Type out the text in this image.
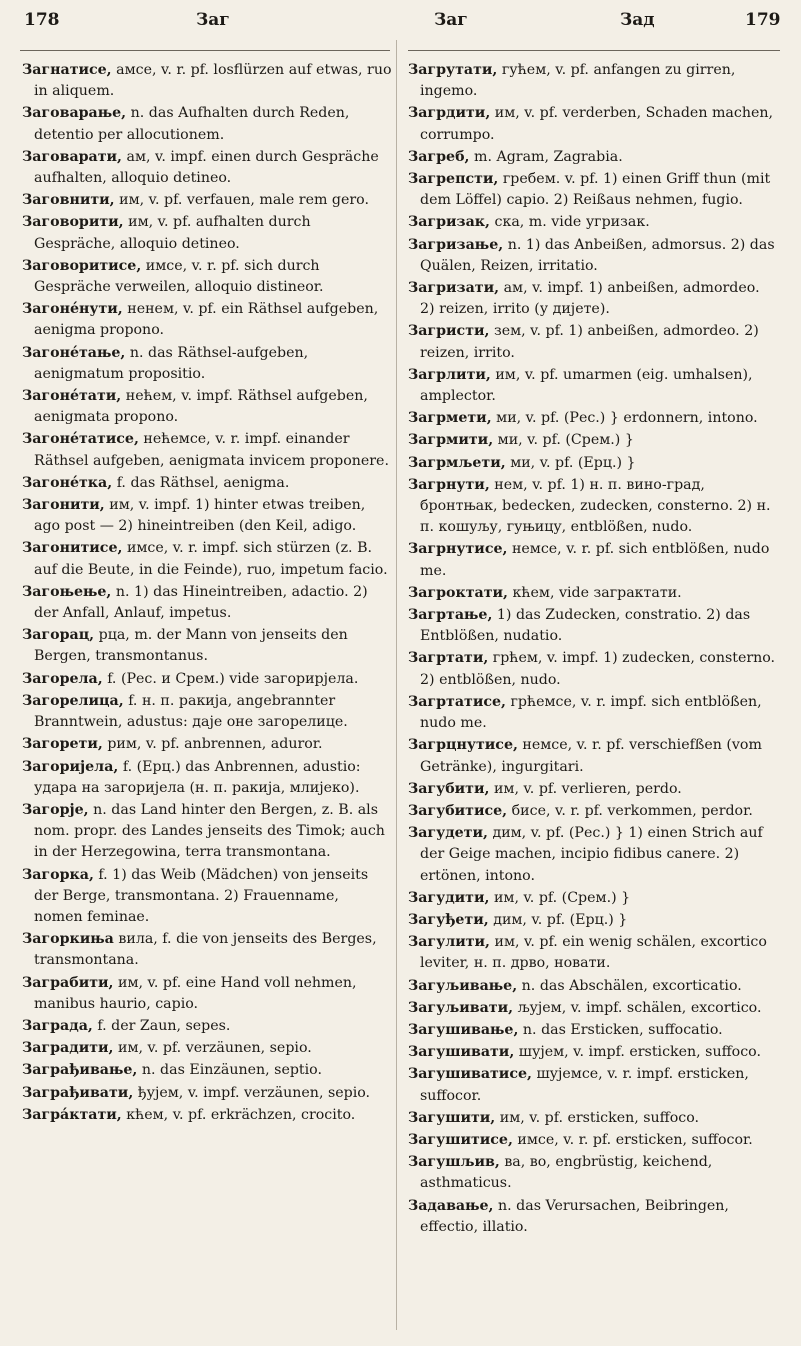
178	Заг	Заг	Зад	179

Загнатисе, амсе, v. r. pf. losflürzen auf etwas, ruo in aliquem.

Заговарање, n. das Aufhalten durch Reden, detentio per allocutionem.

Заговарати, ам, v. impf. einen durch Gespräche aufhalten, alloquio detineo.

Заговнити, им, v. pf. verfauen, male rem gero.

Заговорити, им, v. pf. aufhalten durch Gespräche, alloquio detineo.

Заговоритисе, имсе, v. r. pf. sich durch Gespräche verweilen, alloquio distineor.

Загонéнути, ненем, v. pf. ein Räthsel aufgeben, aenigma propono.

Загонéтање, n. das Räthsel-aufgeben, aenigmatum propositio.

Загонéтати, нећем, v. impf. Räthsel aufgeben, aenigmata propono.

Загонéтатисе, нећемсе, v. r. impf. einander Räthsel aufgeben, aenigmata invicem proponere.

Загонéтка, f. das Räthsel, aenigma.

Загонити, им, v. impf. 1) hinter etwas treiben, ago post — 2) hineintreiben (den Keil, adigo.

Загонитисе, имсе, v. r. impf. sich stürzen (z. B. auf die Beute, in die Feinde), ruo, impetum facio.

Загоњење, n. 1) das Hineintreiben, adactio. 2) der Anfall, Anlauf, impetus.

Загорац, рца, m. der Mann von jenseits den Bergen, transmontanus.

Загорела, f. (Рес. и Срем.) vide загорирјела.

Загорелица, f. н. п. ракија, angebrannter Branntwein, adustus: даје оне загорелице.

Загорети, рим, v. pf. anbrennen, aduror.

Загоријела, f. (Ерц.) das Anbrennen, adustio: удара на загоријела (н. п. ракија, млијеко).

Загорје, n. das Land hinter den Bergen, z. B. als nom. propr. des Landes jenseits des Timok; auch in der Herzegowina, terra transmontana.

Загорка, f. 1) das Weib (Mädchen) von jenseits der Berge, transmontana. 2) Frauenname, nomen feminae.

Загоркиња вила, f. die von jenseits des Berges, transmontana.

Заграбити, им, v. pf. eine Hand voll nehmen, manibus haurio, capio.

Заграда, f. der Zaun, sepes.

Заградити, им, v. pf. verzäunen, sepio.

Заграђивање, n. das Einzäunen, septio.

Заграђивати, ђујем, v. impf. verzäunen, sepio.

Загрáктати, кћем, v. pf. erkrächzen, crocito.

Загрутати, гућем, v. pf. anfangen zu girren, ingemo.

Загрдити, им, v. pf. verderben, Schaden machen, corrumpo.

Загреб, m. Agram, Zagrabia.

Загрепсти, гребем. v. pf. 1) einen Griff thun (mit dem Löffel) capio. 2) Reißaus nehmen, fugio.

Загризак, ска, m. vide угризак.

Загризање, n. 1) das Anbeißen, admorsus. 2) das Quälen, Reizen, irritatio.

Загризати, ам, v. impf. 1) anbeißen, admordeo. 2) reizen, irrito (у дијете).

Загристи, зем, v. pf. 1) anbeißen, admordeo. 2) reizen, irrito.

Загрлити, им, v. pf. umarmen (eig. umhalsen), amplector.

Загрмети, ми, v. pf. (Рес.) } erdonnern, intono.

Загрмити, ми, v. pf. (Срем.) }

Загрмљети, ми, v. pf. (Ерц.) }

Загрнути, нем, v. pf. 1) н. п. вино-град, бронтњак, bedecken, zudecken, consterno. 2) н. п. кошуљу, гуњицу, entblößen, nudo.

Загрнутисе, немсе, v. r. pf. sich entblößen, nudo me.

Загроктати, кћем, vide заграктати.

Загртање, 1) das Zudecken, constratio. 2) das Entblößen, nudatio.

Загртати, грћем, v. impf. 1) zudecken, consterno. 2) entblößen, nudo.

Загртатисе, грћемсе, v. r. impf. sich entblößen, nudo me.

Загрцнутисе, немсе, v. r. pf. verschiefßen (vom Getränke), ingurgitari.

Загубити, им, v. pf. verlieren, perdo.

Загубитисе, бисе, v. r. pf. verkommen, perdor.

Загудети, дим, v. pf. (Рес.) } 1) einen Strich auf der Geige machen, incipio fidibus canere. 2) ertönen, intono.

Загудити, им, v. pf. (Срем.) }

Загуђети, дим, v. pf. (Ерц.) }

Загулити, им, v. pf. ein wenig schälen, excortico leviter, н. п. дрво, новати.

Загуљивање, n. das Abschälen, excorticatio.

Загуљивати, љујем, v. impf. schälen, excortico.

Загушивање, n. das Ersticken, suffocatio.

Загушивати, шујем, v. impf. ersticken, suffoco.

Загушиватисе, шујемсе, v. r. impf. ersticken, suffocor.

Загушити, им, v. pf. ersticken, suffoco.

Загушитисе, имсе, v. r. pf. ersticken, suffocor.

Загушљив, ва, во, engbrüstig, keichend, asthmaticus.

Задавање, n. das Verursachen, Beibringen, effectio, illatio.
